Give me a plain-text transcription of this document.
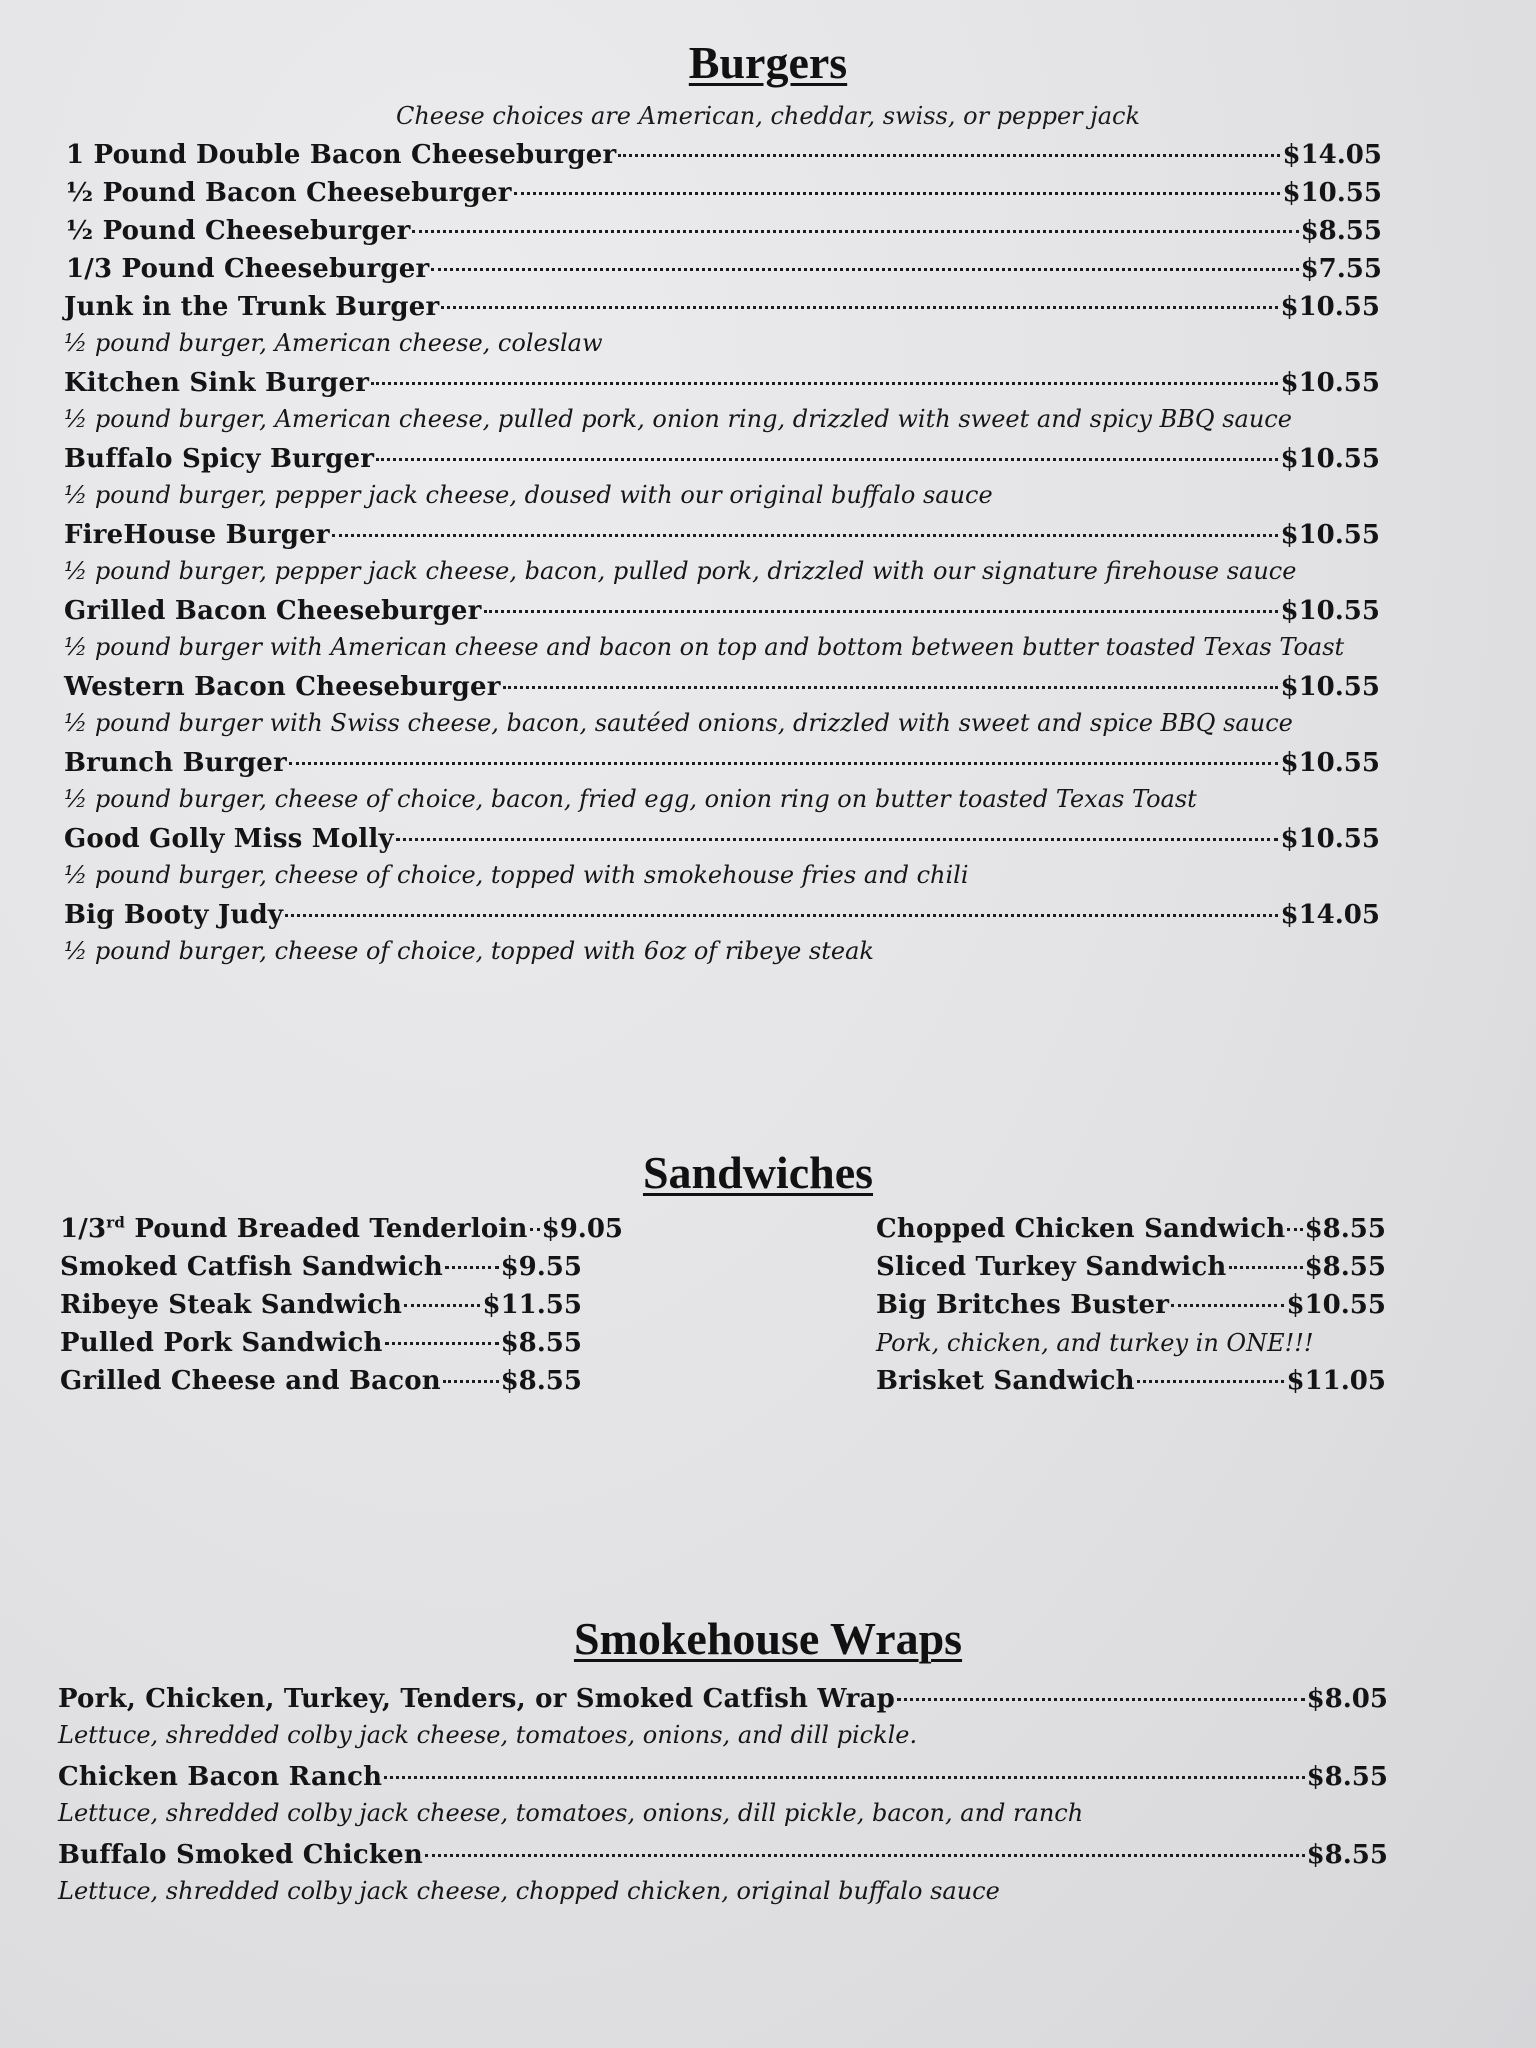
Burgers
Cheese choices are American, cheddar, swiss, or pepper jack
1 Pound Double Bacon Cheeseburger	$14.05
½ Pound Bacon Cheeseburger	$10.55
½ Pound Cheeseburger	$8.55
1/3 Pound Cheeseburger	$7.55
Junk in the Trunk Burger	$10.55
½ pound burger, American cheese, coleslaw
Kitchen Sink Burger	$10.55
½ pound burger, American cheese, pulled pork, onion ring, drizzled with sweet and spicy BBQ sauce
Buffalo Spicy Burger	$10.55
½ pound burger, pepper jack cheese, doused with our original buffalo sauce
FireHouse Burger	$10.55
½ pound burger, pepper jack cheese, bacon, pulled pork, drizzled with our signature firehouse sauce
Grilled Bacon Cheeseburger	$10.55
½ pound burger with American cheese and bacon on top and bottom between butter toasted Texas Toast
Western Bacon Cheeseburger	$10.55
½ pound burger with Swiss cheese, bacon, sautéed onions, drizzled with sweet and spice BBQ sauce
Brunch Burger	$10.55
½ pound burger, cheese of choice, bacon, fried egg, onion ring on butter toasted Texas Toast
Good Golly Miss Molly	$10.55
½ pound burger, cheese of choice, topped with smokehouse fries and chili
Big Booty Judy	$14.05
½ pound burger, cheese of choice, topped with 6oz of ribeye steak
Sandwiches
1/3rd Pound Breaded Tenderloin $9.05
Smoked Catfish Sandwich $9.55
Ribeye Steak Sandwich	$11.55
Pulled Pork Sandwich	$8.55
Grilled Cheese and Bacon $8.55
Chopped Chicken Sandwich $8.55
Sliced Turkey Sandwich	$8.55
Big Britches Buster	$10.55
Pork, chicken, and turkey in ONE!!!
Brisket Sandwich	$11.05
Smokehouse Wraps
Pork, Chicken, Turkey, Tenders, or Smoked Catfish Wrap	$8.05
Lettuce, shredded colby jack cheese, tomatoes, onions, and dill pickle.
Chicken Bacon Ranch	$8.55
Lettuce, shredded colby jack cheese, tomatoes, onions, dill pickle, bacon, and ranch
Buffalo Smoked Chicken	$8.55
Lettuce, shredded colby jack cheese, chopped chicken, original buffalo sauce
